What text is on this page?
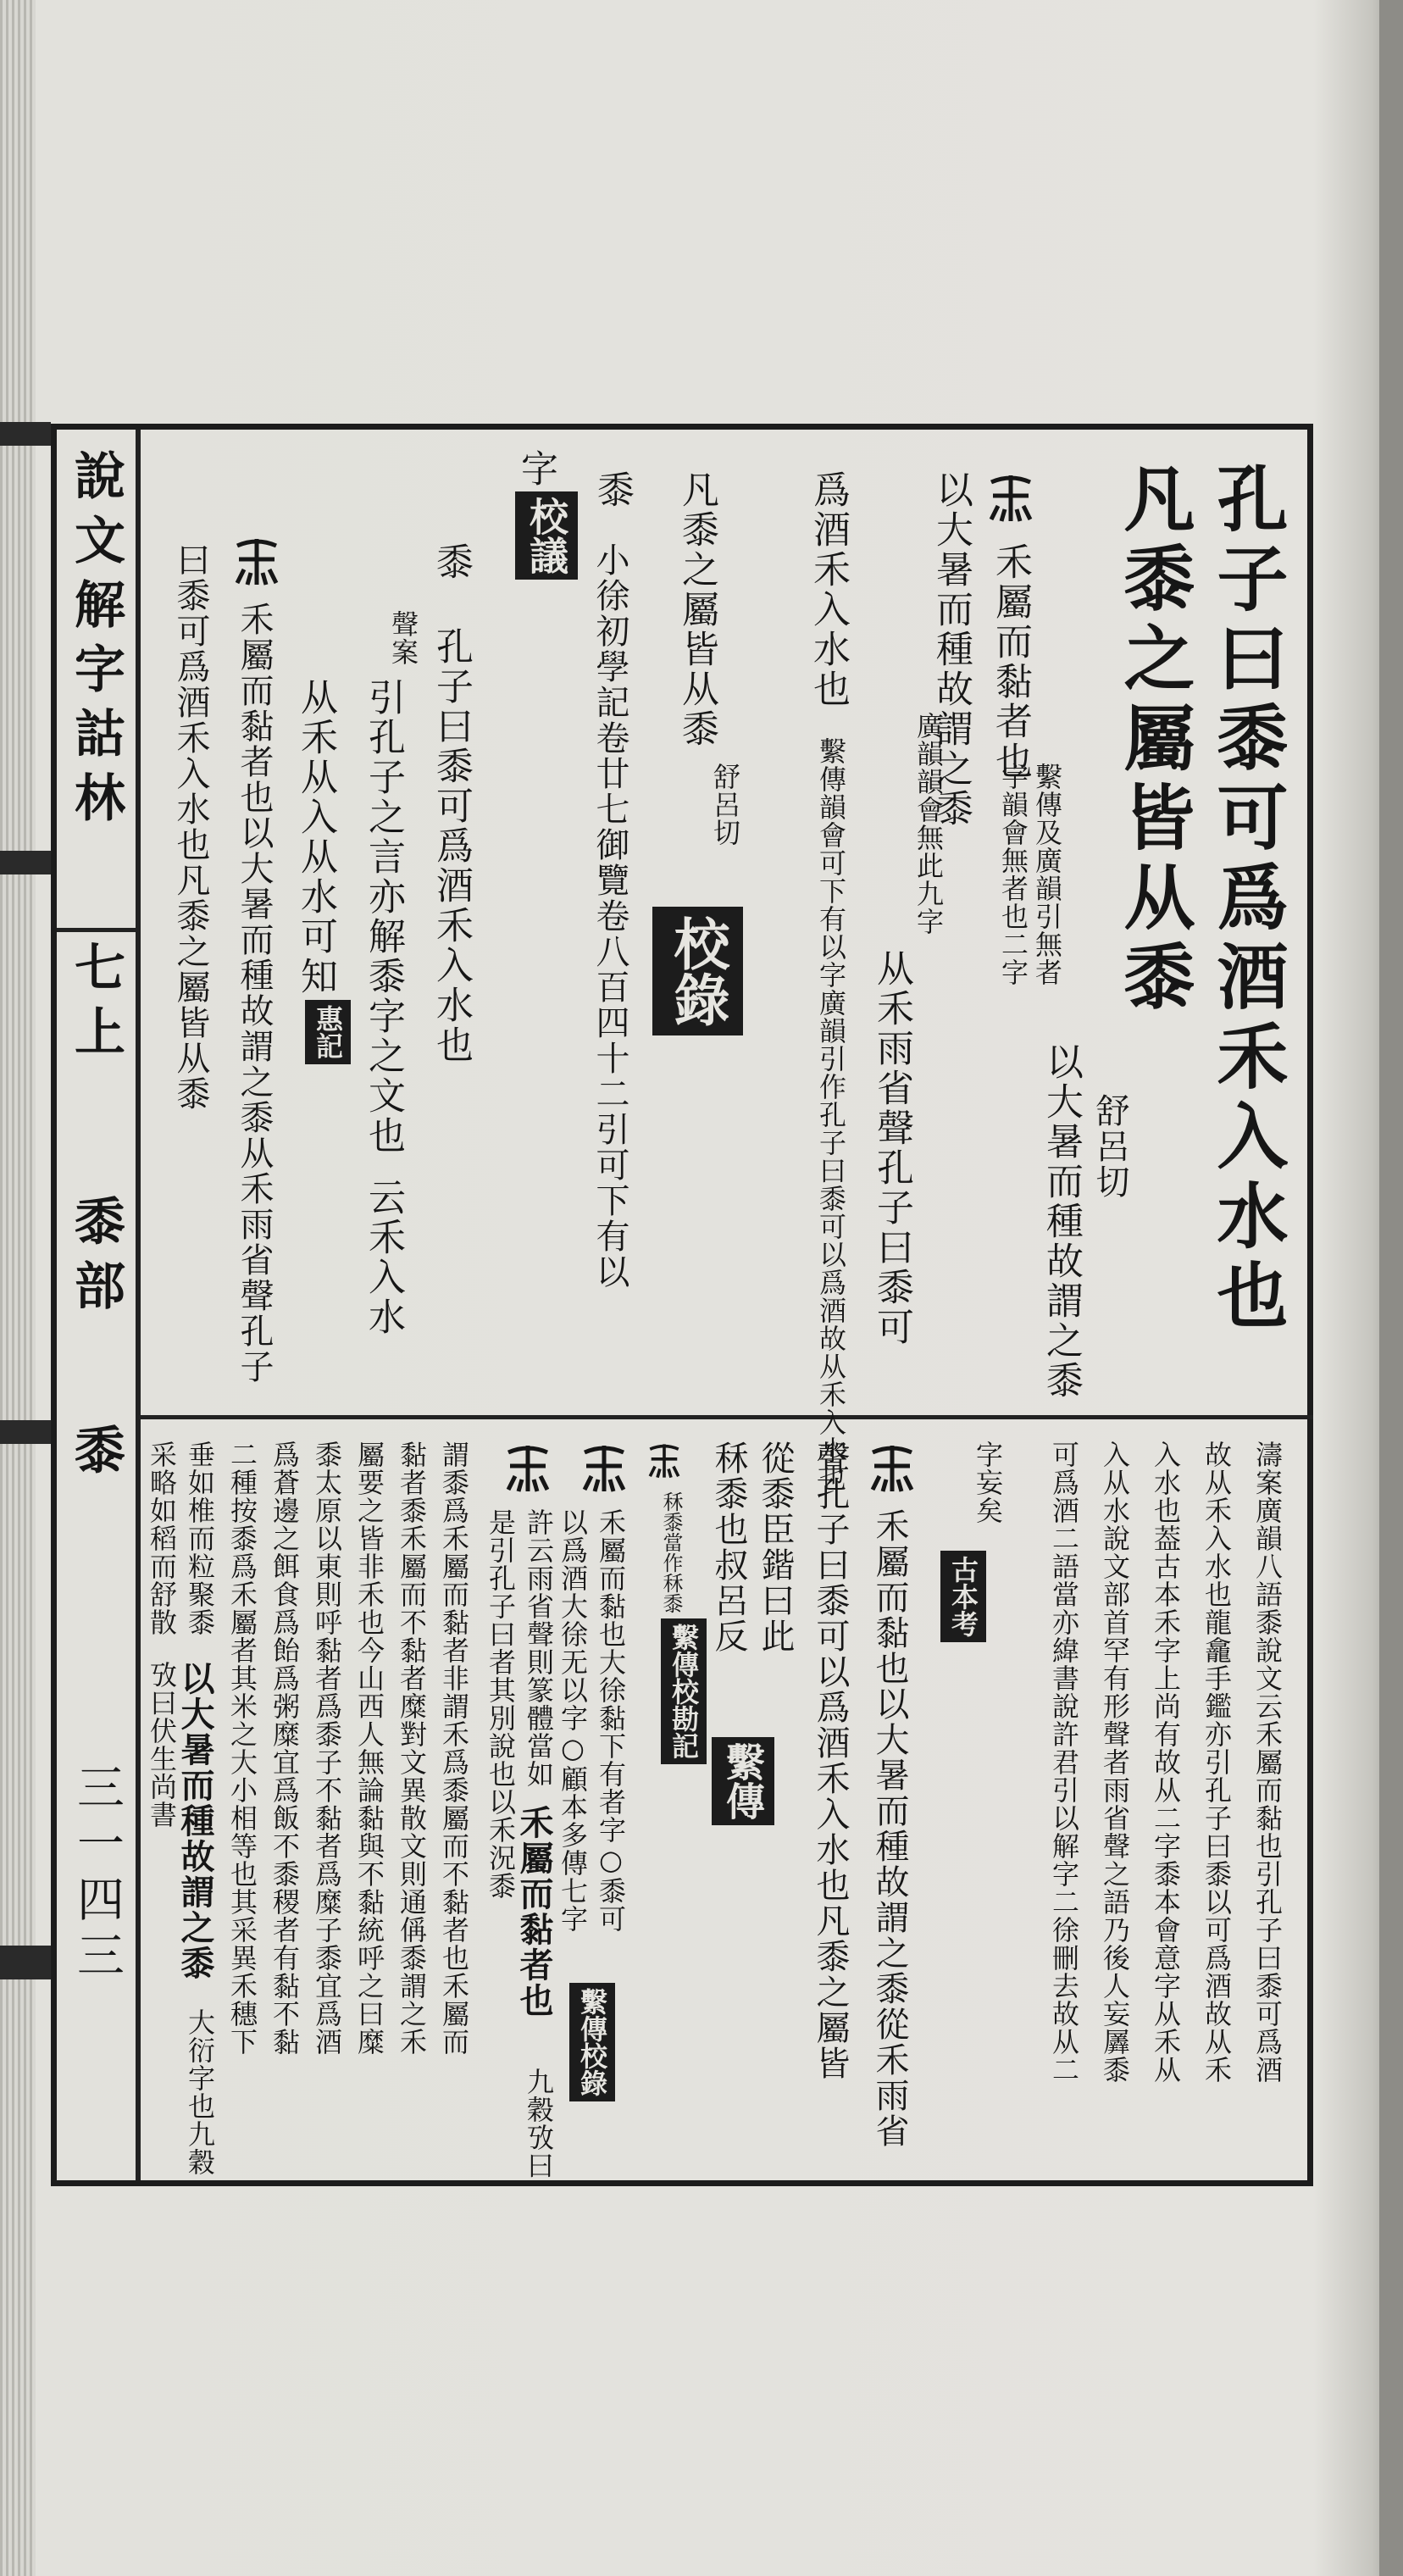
說文解字詁林
七上
黍部
黍
三一四三
孔子曰黍可爲酒禾入水也
凡黍之屬皆从黍
舒呂切
禾屬而黏者也
繫傳及廣韻引無者
以大暑而種故謂之黍
以大暑而種故謂之黍
字韻會無者也二字
廣韻韻會無此九字
从禾雨省聲孔子曰黍可
爲酒禾入水也
繫傳韻會可下有以字廣韻引作孔子曰黍可以爲酒故从禾入水也
凡黍之屬皆从黍
舒呂切
校錄
黍
小徐初學記卷廿七御覽卷八百四十二引可下有以
字
校議
黍
孔子曰黍可爲酒禾入水也
聲案
引孔子之言亦解黍字之文也
云禾入水
从禾从入从水可知
惠記
禾屬而黏者也以大暑而種故謂之黍从禾雨省聲孔子
曰黍可爲酒禾入水也凡黍之屬皆从黍
濤案廣韻八語黍說文云禾屬而黏也引孔子曰黍可爲酒
故从禾入水也龍龕手鑑亦引孔子曰黍以可爲酒故从禾
入水也葢古本禾字上尚有故从二字黍本會意字从禾从
入从水說文部首罕有形聲者雨省聲之語乃後人妄羼黍
可爲酒二語當亦緯書說許君引以解字二徐刪去故从二
字妄矣
古本考
禾屬而黏也以大暑而種故謂之黍從禾雨省
聲孔子曰黍可以爲酒禾入水也凡黍之屬皆
從黍臣鍇曰此
秝黍也叔呂反
繫傳
秝黍當作秝黍
繫傳校勘記
禾屬而黏也大徐黏下有者字○黍可
以爲酒大徐无以字○顧本多傳七字
繫傳校錄
許云雨省聲則篆體當如
禾屬而黏者也
九穀攷曰
是引孔子曰者其別說也以禾況黍
謂黍爲禾屬而黏者非謂禾爲黍屬而不黏者也禾屬而
黏者黍禾屬而不黏者糜對文異散文則通偁黍謂之禾
屬要之皆非禾也今山西人無論黏與不黏統呼之曰糜
黍太原以東則呼黏者爲黍子不黏者爲糜子黍宜爲酒
爲蒼邊之餌食爲飴爲粥糜宜爲飯不黍稷者有黏不黏
二種按黍爲禾屬者其米之大小相等也其采異禾穗下
垂如椎而粒聚黍
以大暑而種故謂之黍
大衍字也九穀
采略如稻而舒散
攷曰伏生尚書
